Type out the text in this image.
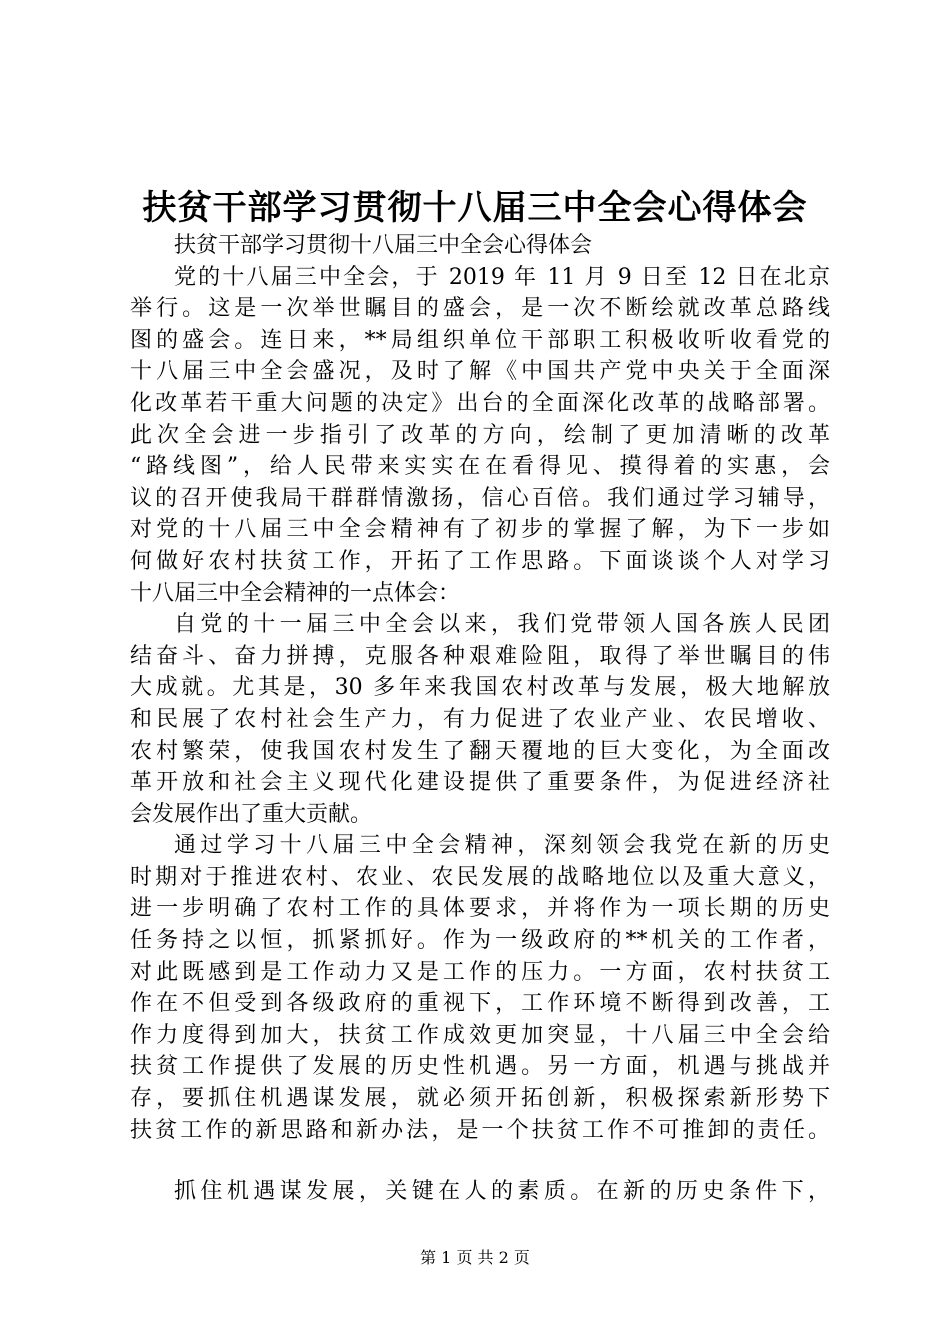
扶贫干部学习贯彻十八届三中全会心得体会
扶贫干部学习贯彻十八届三中全会心得体会
党的十八届三中全会，于 2019 年 11 月 9 日至 12 日在北京
举行。这是一次举世瞩目的盛会，是一次不断绘就改革总路线
图的盛会。连日来，**局组织单位干部职工积极收听收看党的
十八届三中全会盛况，及时了解《中国共产党中央关于全面深
化改革若干重大问题的决定》出台的全面深化改革的战略部署。
此次全会进一步指引了改革的方向，绘制了更加清晰的改革
“路线图”，给人民带来实实在在看得见、摸得着的实惠，会
议的召开使我局干群群情激扬，信心百倍。我们通过学习辅导，
对党的十八届三中全会精神有了初步的掌握了解，为下一步如
何做好农村扶贫工作，开拓了工作思路。下面谈谈个人对学习
十八届三中全会精神的一点体会：
自党的十一届三中全会以来，我们党带领人国各族人民团
结奋斗、奋力拼搏，克服各种艰难险阻，取得了举世瞩目的伟
大成就。尤其是，30 多年来我国农村改革与发展，极大地解放
和民展了农村社会生产力，有力促进了农业产业、农民增收、
农村繁荣，使我国农村发生了翻天覆地的巨大变化，为全面改
革开放和社会主义现代化建设提供了重要条件，为促进经济社
会发展作出了重大贡献。
通过学习十八届三中全会精神，深刻领会我党在新的历史
时期对于推进农村、农业、农民发展的战略地位以及重大意义，
进一步明确了农村工作的具体要求，并将作为一项长期的历史
任务持之以恒，抓紧抓好。作为一级政府的**机关的工作者，
对此既感到是工作动力又是工作的压力。一方面，农村扶贫工
作在不但受到各级政府的重视下，工作环境不断得到改善，工
作力度得到加大，扶贫工作成效更加突显，十八届三中全会给
扶贫工作提供了发展的历史性机遇。另一方面，机遇与挑战并
存，要抓住机遇谋发展，就必须开拓创新，积极探索新形势下
扶贫工作的新思路和新办法，是一个扶贫工作不可推卸的责任。
抓住机遇谋发展，关键在人的素质。在新的历史条件下，
第 1 页 共 2 页
